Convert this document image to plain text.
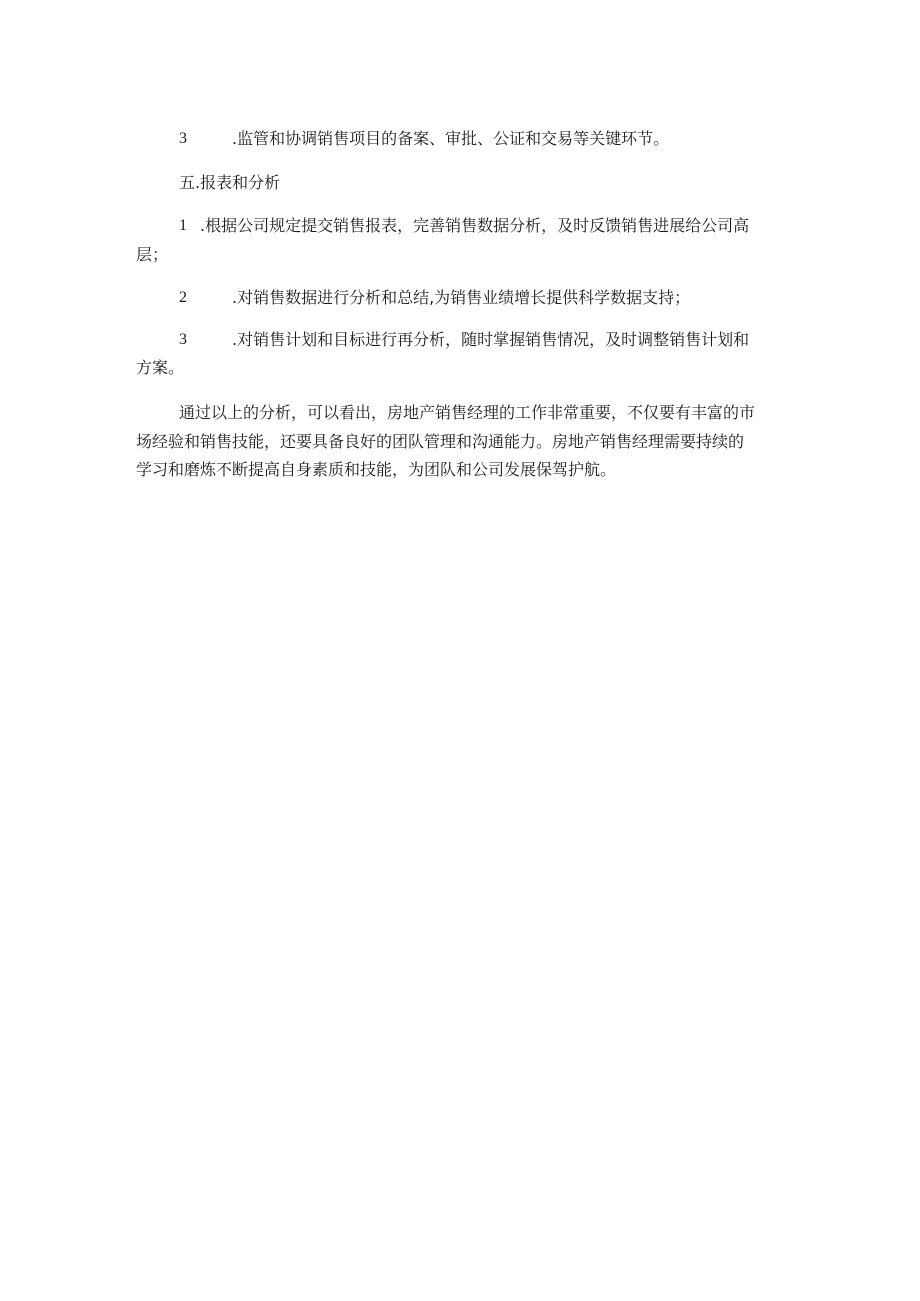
3	.监管和协调销售项目的备案、审批、公证和交易等关键环节。
五.报表和分析
1 .根据公司规定提交销售报表，完善销售数据分析，及时反馈销售进展给公司高
层；
2	.对销售数据进行分析和总结,为销售业绩增长提供科学数据支持；
3	.对销售计划和目标进行再分析，随时掌握销售情况，及时调整销售计划和
方案。
通过以上的分析，可以看出，房地产销售经理的工作非常重要，不仅要有丰富的市
场经验和销售技能，还要具备良好的团队管理和沟通能力。房地产销售经理需要持续的
学习和磨炼不断提高自身素质和技能，为团队和公司发展保驾护航。
